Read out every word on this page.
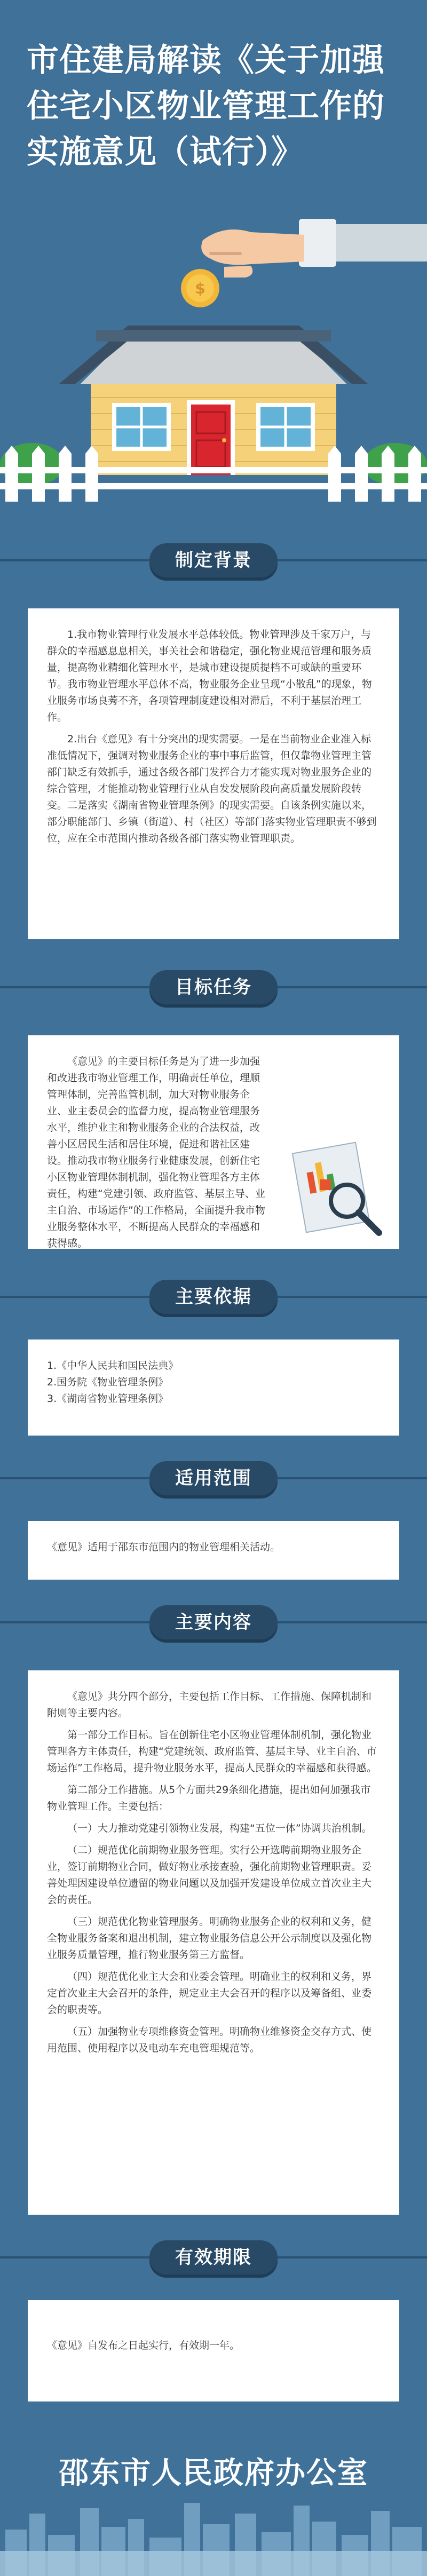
市住建局解读《关于加强住宅小区物业管理工作的实施意见（试行）》
$
制定背景

1.我市物业管理行业发展水平总体较低。物业管理涉及千家万户，与群众的幸福感息息相关，事关社会和谐稳定，强化物业规范管理和服务质量，提高物业精细化管理水平，是城市建设提质提档不可或缺的重要环节。我市物业管理水平总体不高，物业服务企业呈现“小散乱”的现象，物业服务市场良莠不齐，各项管理制度建设相对滞后，不利于基层治理工作。

2.出台《意见》有十分突出的现实需要。一是在当前物业企业准入标准低情况下，强调对物业服务企业的事中事后监管，但仅靠物业管理主管部门缺乏有效抓手，通过各级各部门发挥合力才能实现对物业服务企业的综合管理，才能推动物业管理行业从自发发展阶段向高质量发展阶段转变。二是落实《湖南省物业管理条例》的现实需要。自该条例实施以来，部分职能部门、乡镇（街道）、村（社区）等部门落实物业管理职责不够到位，应在全市范围内推动各级各部门落实物业管理职责。

目标任务

《意见》的主要目标任务是为了进一步加强和改进我市物业管理工作，明确责任单位，理顺管理体制，完善监管机制，加大对物业服务企业、业主委员会的监督力度，提高物业管理服务水平，维护业主和物业服务企业的合法权益，改善小区居民生活和居住环境，促进和谐社区建设。推动我市物业服务行业健康发展，创新住宅小区物业管理体制机制，强化物业管理各方主体责任，构建“党建引领、政府监管、基层主导、业主自治、市场运作”的工作格局，全面提升我市物业服务整体水平，不断提高人民群众的幸福感和获得感。

主要依据
1.《中华人民共和国民法典》
2.国务院《物业管理条例》
3.《湖南省物业管理条例》
适用范围

《意见》适用于邵东市范围内的物业管理相关活动。

主要内容

《意见》共分四个部分，主要包括工作目标、工作措施、保障机制和附则等主要内容。

第一部分工作目标。旨在创新住宅小区物业管理体制机制，强化物业管理各方主体责任，构建“党建统领、政府监管、基层主导、业主自治、市场运作”工作格局，提升物业服务水平，提高人民群众的幸福感和获得感。

第二部分工作措施。从5个方面共29条细化措施，提出如何加强我市物业管理工作。主要包括：

（一）大力推动党建引领物业发展，构建“五位一体”协调共治机制。

（二）规范优化前期物业服务管理。实行公开选聘前期物业服务企业，签订前期物业合同，做好物业承接查验，强化前期物业管理职责。妥善处理因建设单位遗留的物业问题以及加强开发建设单位成立首次业主大会的责任。

（三）规范优化物业管理服务。明确物业服务企业的权利和义务，健全物业服务备案和退出机制，建立物业服务信息公开公示制度以及强化物业服务质量管理，推行物业服务第三方监督。

（四）规范优化业主大会和业委会管理。明确业主的权利和义务，界定首次业主大会召开的条件，规定业主大会召开的程序以及筹备组、业委会的职责等。

（五）加强物业专项维修资金管理。明确物业维修资金交存方式、使用范围、使用程序以及电动车充电管理规范等。

有效期限

《意见》自发布之日起实行，有效期一年。

邵东市人民政府办公室
